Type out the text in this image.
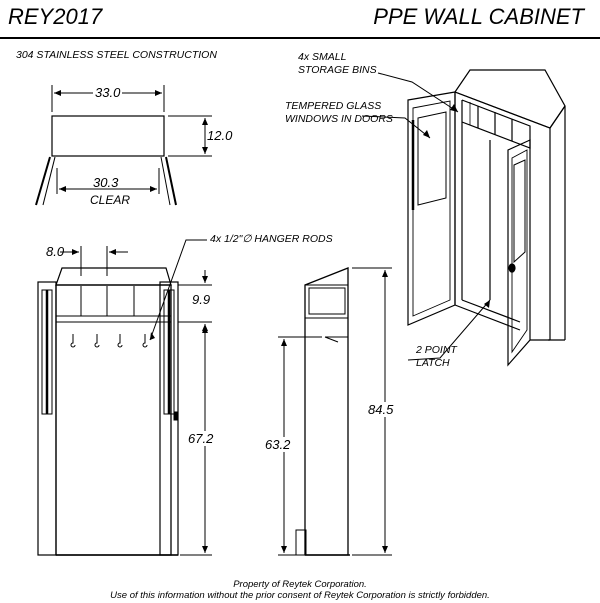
REY2017	PPE WALL CABINET
304 STAINLESS STEEL CONSTRUCTION	4x SMALL
STORAGE BINS
TEMPERED GLASS
WINDOWS IN DOORS
4x 1/2"∅ HANGER RODS
2 POINT
LATCH
33.0
12.0
30.3
CLEAR
8.0
9.9
67.2	63.2
84.5
Property of Reytek Corporation.
Use of this information without the prior consent of Reytek Corporation is strictly forbidden.
